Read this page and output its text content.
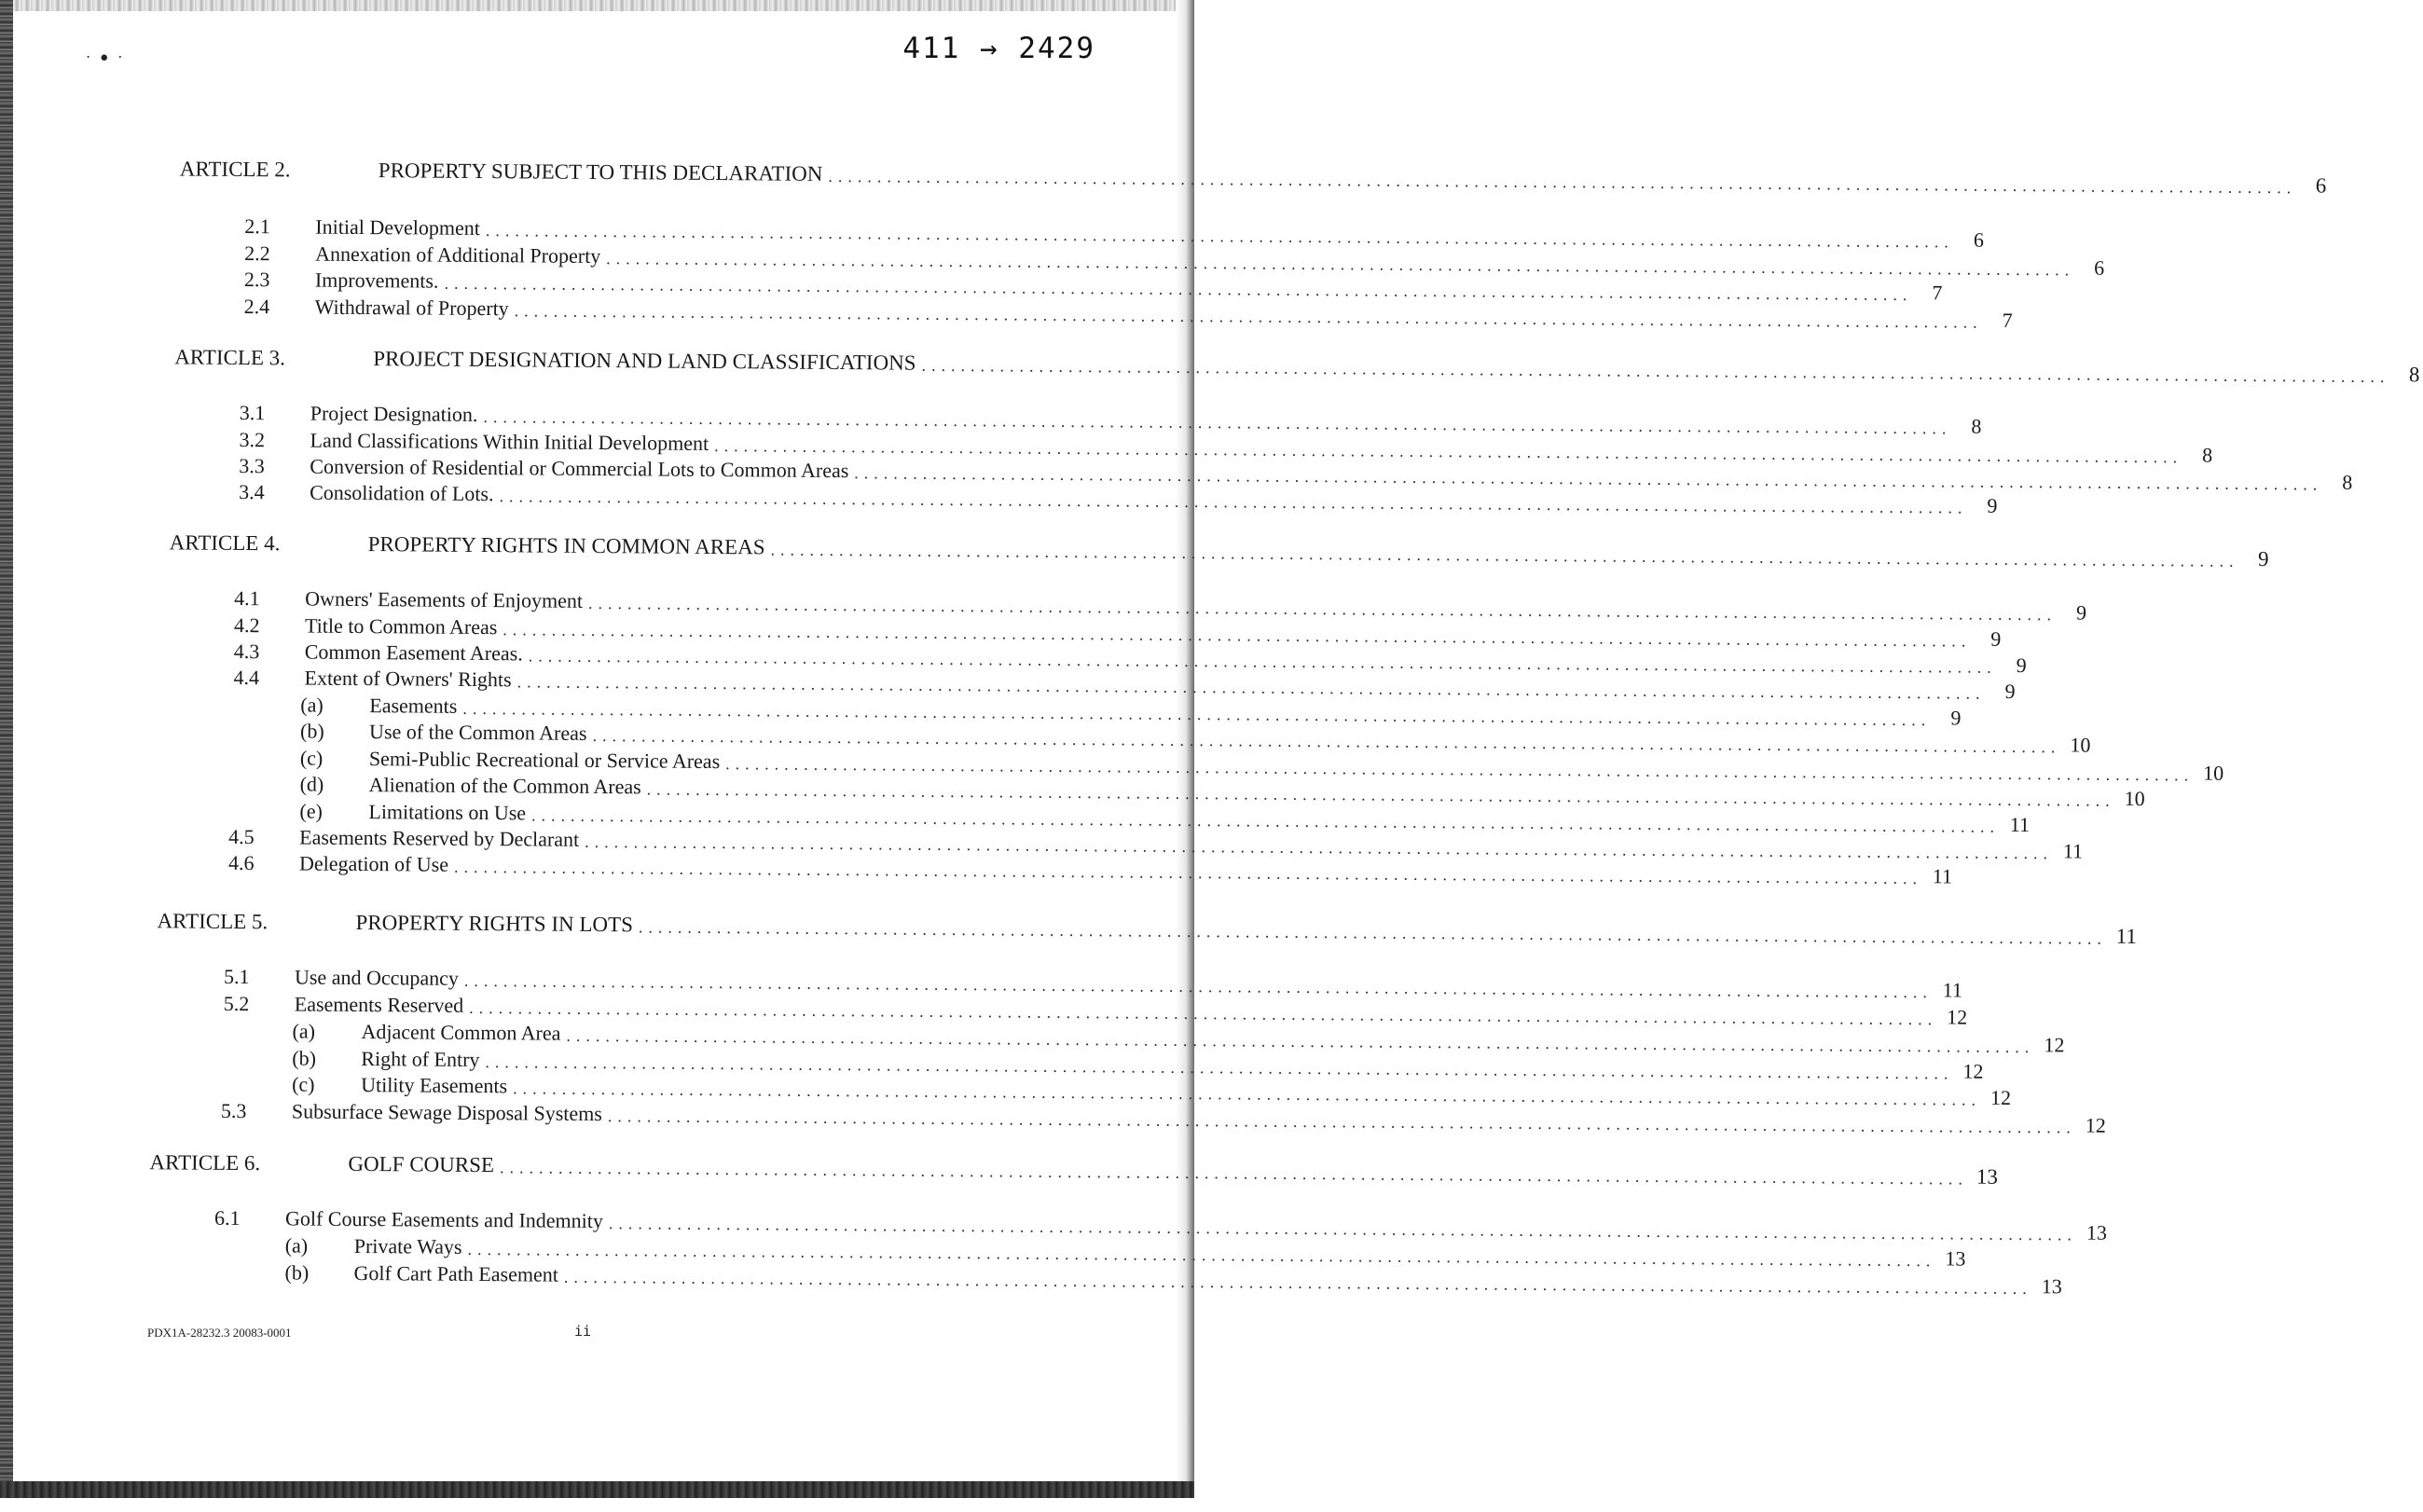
⋅●⋅	411 → 2429
ARTICLE 2.	PROPERTY SUBJECT TO THIS DECLARATION ...................................................................................................................................................... 6
2.1	Initial Development ...................................................................................................................................................... 6
2.2	Annexation of Additional Property ...................................................................................................................................................... 6
2.3	Improvements. ...................................................................................................................................................... 7
2.4	Withdrawal of Property ...................................................................................................................................................... 7
ARTICLE 3.	PROJECT DESIGNATION AND LAND CLASSIFICATIONS ...................................................................................................................................................... 8
3.1	Project Designation. ...................................................................................................................................................... 8
3.2	Land Classifications Within Initial Development ...................................................................................................................................................... 8
3.3	Conversion of Residential or Commercial Lots to Common Areas ...................................................................................................................................................... 8
3.4	Consolidation of Lots. ...................................................................................................................................................... 9
ARTICLE 4.	PROPERTY RIGHTS IN COMMON AREAS ...................................................................................................................................................... 9
4.1	Owners' Easements of Enjoyment ...................................................................................................................................................... 9
4.2	Title to Common Areas ...................................................................................................................................................... 9
4.3	Common Easement Areas. ...................................................................................................................................................... 9
4.4	Extent of Owners' Rights ...................................................................................................................................................... 9
(a)	Easements ...................................................................................................................................................... 9
(b)	Use of the Common Areas ...................................................................................................................................................... 10
(c)	Semi-Public Recreational or Service Areas ...................................................................................................................................................... 10
(d)	Alienation of the Common Areas ...................................................................................................................................................... 10
(e)	Limitations on Use ...................................................................................................................................................... 11
4.5	Easements Reserved by Declarant ...................................................................................................................................................... 11
4.6	Delegation of Use ...................................................................................................................................................... 11
ARTICLE 5.	PROPERTY RIGHTS IN LOTS ...................................................................................................................................................... 11
5.1	Use and Occupancy ...................................................................................................................................................... 11
5.2	Easements Reserved ...................................................................................................................................................... 12
(a)	Adjacent Common Area ...................................................................................................................................................... 12
(b)	Right of Entry ...................................................................................................................................................... 12
(c)	Utility Easements ...................................................................................................................................................... 12
5.3	Subsurface Sewage Disposal Systems ...................................................................................................................................................... 12
ARTICLE 6.	GOLF COURSE ...................................................................................................................................................... 13
6.1	Golf Course Easements and Indemnity ...................................................................................................................................................... 13
(a)	Private Ways ...................................................................................................................................................... 13
(b)	Golf Cart Path Easement ...................................................................................................................................................... 13
PDX1A-28232.3 20083-0001	ii
